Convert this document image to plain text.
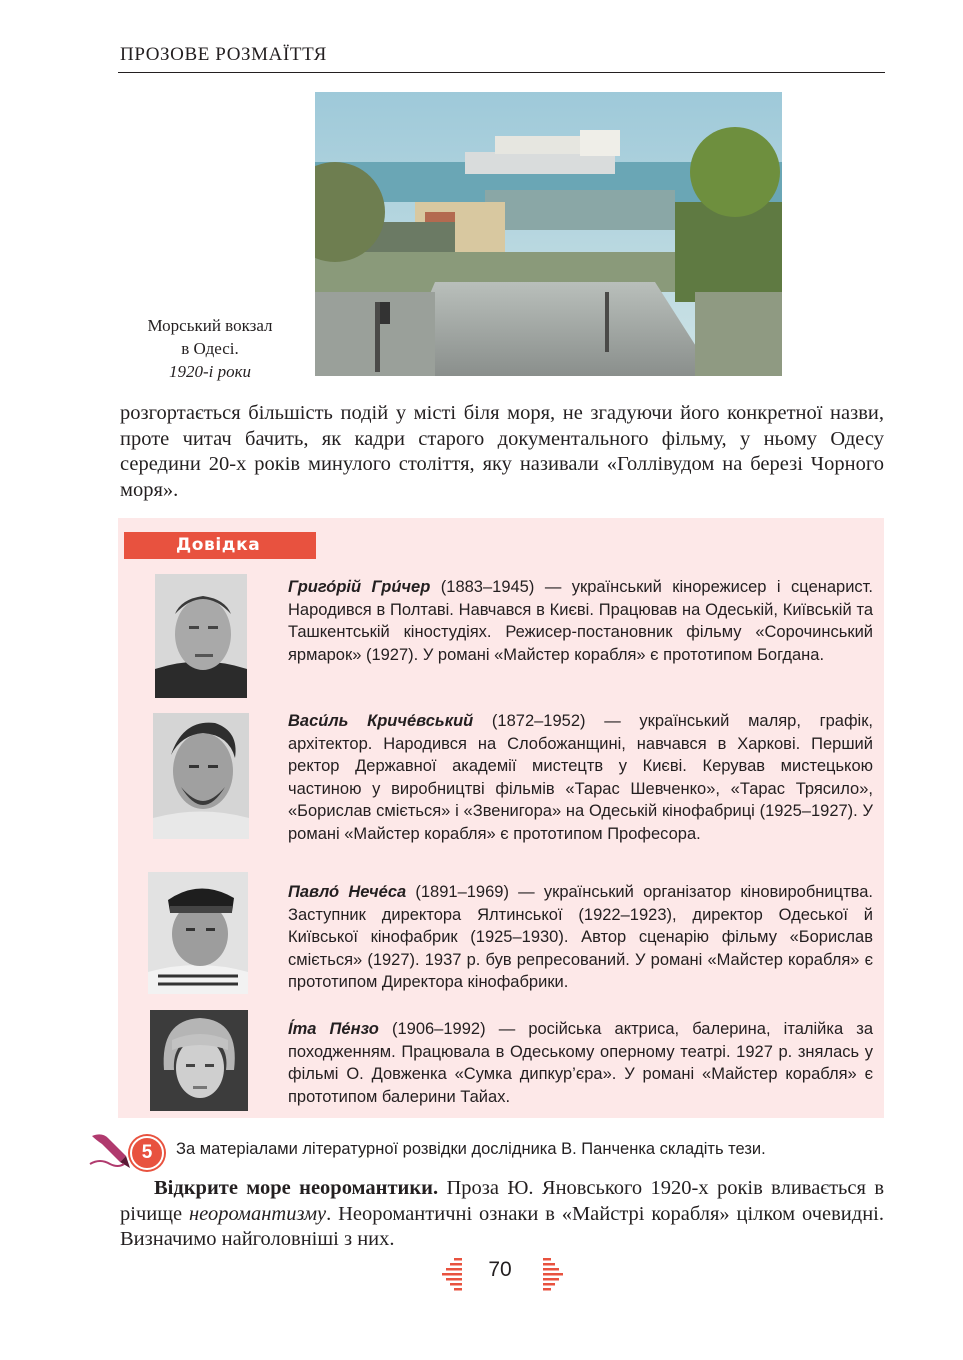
ПРОЗОВЕ РОЗМАЇТТЯ
Морський вокзал
в Одесі.
1920-і роки
розгортається більшість подій у місті біля моря, не згадуючи його конкретної назви, проте читач бачить, як кадри старого документального фільму, у ньому Одесу середини 20-х років минулого століття, яку називали «Голлівудом на березі Чорного моря».
Довідка
Григо́рій Гри́чер (1883–1945) — український кінорежисер і сценарист. Народився в Полтаві. Навчався в Києві. Працював на Одеській, Київській та Ташкентській кіностудіях. Режисер-постановник фільму «Сорочинський ярмарок» (1927). У романі «Майстер корабля» є прототипом Богдана.
Васи́ль Криче́вський (1872–1952) — український маляр, графік, архітектор. Народився на Слобожанщині, навчався в Харкові. Перший ректор Державної академії мистецтв у Києві. Керував мистецькою частиною у виробництві фільмів «Тарас Шевченко», «Тарас Трясило», «Борислав сміється» і «Звенигора» на Одеській кінофабриці (1925–1927). У романі «Майстер корабля» є прототипом Професора.
Павло́ Нече́са (1891–1969) — український організатор кіновиробництва. Заступник директора Ялтинської (1922–1923), директор Одеської й Київської кінофабрик (1925–1930). Автор сценарію фільму «Борислав сміється» (1927). 1937 р. був репресований. У романі «Майстер корабля» є прототипом Директора кінофабрики.
І́та Пе́нзо (1906–1992) — російська актриса, балерина, італійка за походженням. Працювала в Одеському оперному театрі. 1927 р. знялась у фільмі О. Довженка «Сумка дипкур’єра». У романі «Майстер корабля» є прототипом балерини Тайах.
5	За матеріалами літературної розвідки дослідника В. Панченка складіть тези.
Відкрите море неоромантики. Проза Ю. Яновського 1920-х років вливається в річище неоромантизму. Неоромантичні ознаки в «Майстрі корабля» цілком очевидні. Визначимо найголовніші з них.
70
